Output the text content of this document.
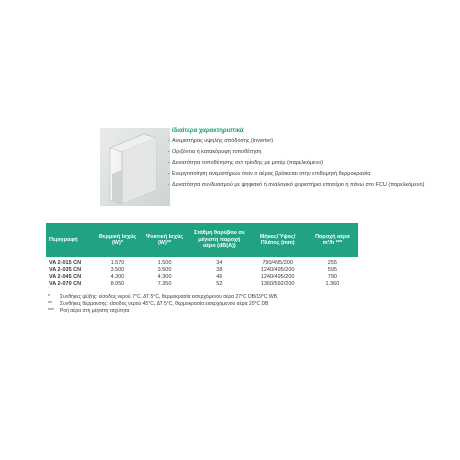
Ιδιαίτερα χαρακτηριστικά
- Ανεμιστήρας υψηλής απόδοσης (inverter)
- Οριζόντια ή κατακόρυφη τοποθέτηση
- Δυνατότητα τοποθέτησης σετ τρίοδης με μοτέρ (παρελκόμενο)
- Ενεργοποίηση ανεμιστήρων όταν ο αέρας βρίσκεται στην επιθυμητή θερμοκρασία
- Δυνατότητα συνδυασμού με ψηφιακό ή αναλογικό χειριστήριο επιτοίχιο ή πάνω στο FCU (παρελκόμενο)
Περιγραφή	Θερμική Ισχύς (W)*	Ψυκτική Ισχύς (W)**	Στάθμη θορύβου σε μέγιστη παροχή αέρα (dB(A))	Μήκος/Ύψος/ Πλάτος (mm)	Παροχή αέρα m³/h ***
VA 2-015 CN	1.570	1.500	34	790/495/200	255
VA 2-035 CN	3.500	3.500	38	1240/495/200	595
VA 2-045 CN	4.300	4.300	46	1240/495/200	790
VA 2-070 CN	8.050	7.350	52	1360/592/200	1.360
*	Συνθήκες ψύξης: είσοδος νερού 7°C, ΔΤ 5°C, θερμοκρασία εισερχόμενου αέρα 27°C DB/19°C WB.
**	Συνθήκες θέρμανσης: είσοδος νερού 45°C, ΔΤ 5°C, θερμοκρασία εισερχόμενου αέρα 20°C DB
***	Ροή αέρα στη μέγιστη ταχύτητα
